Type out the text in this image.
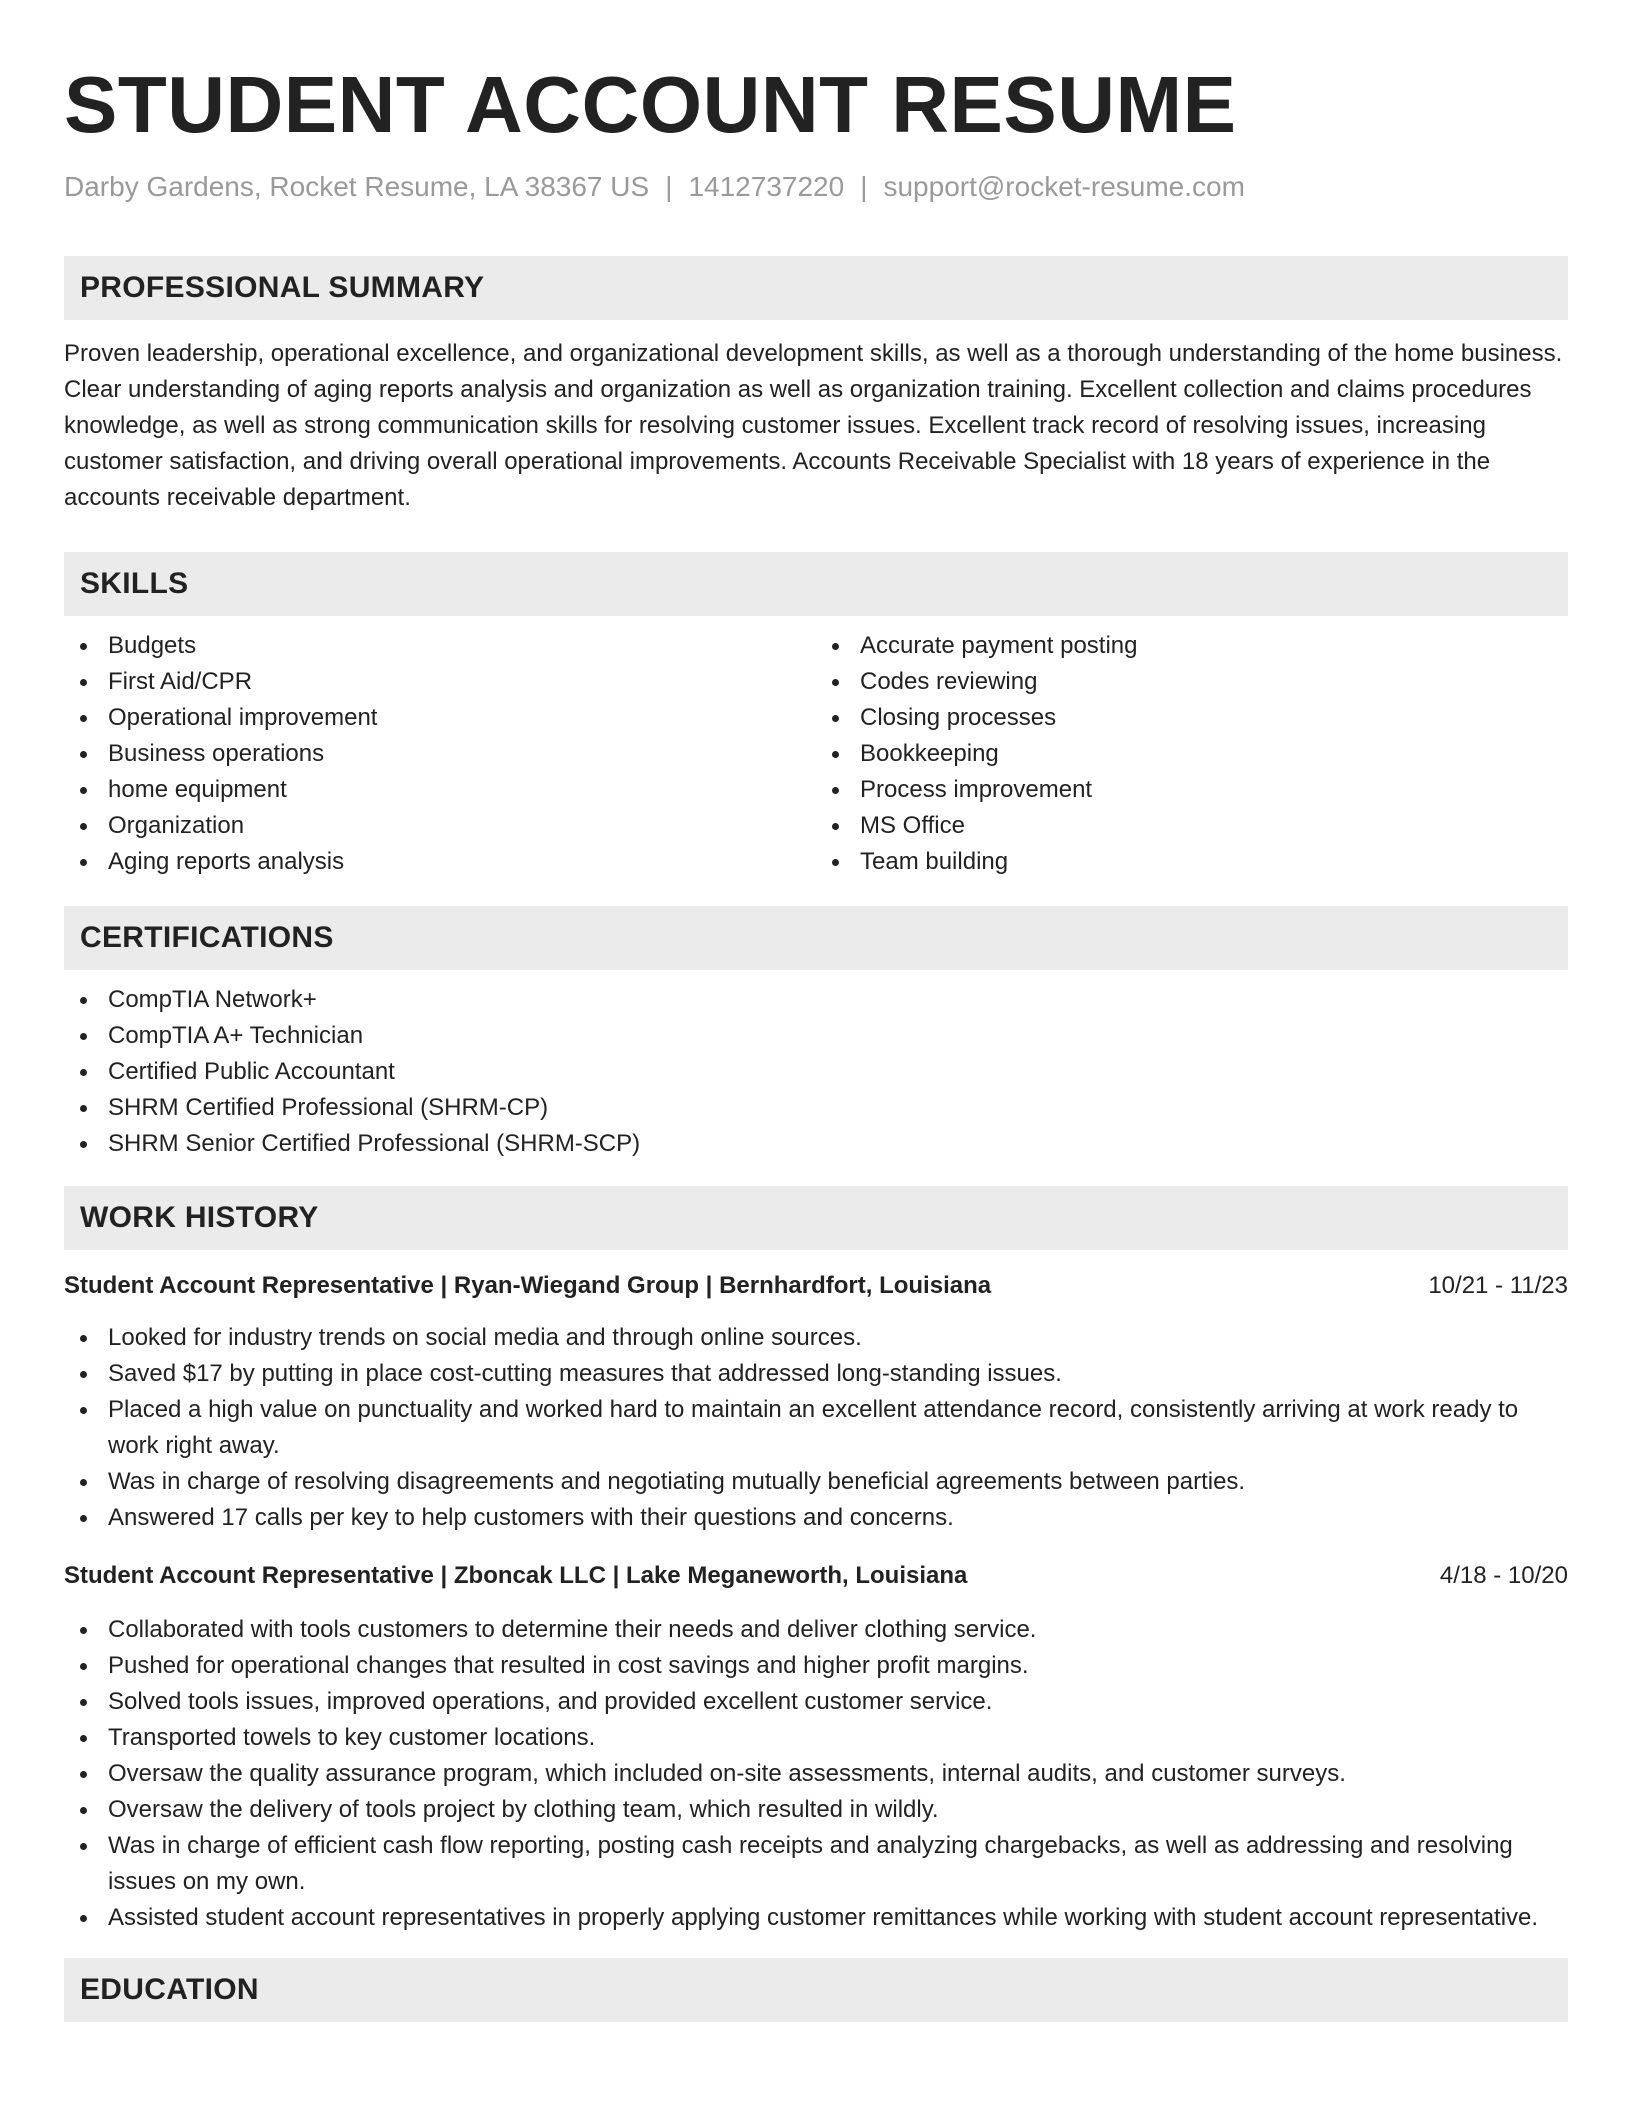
STUDENT ACCOUNT RESUME
Darby Gardens, Rocket Resume, LA 38367 US | 1412737220 | support@rocket-resume.com
PROFESSIONAL SUMMARY

Proven leadership, operational excellence, and organizational development skills, as well as a thorough understanding of the home business. Clear understanding of aging reports analysis and organization as well as organization training. Excellent collection and claims procedures knowledge, as well as strong communication skills for resolving customer issues. Excellent track record of resolving issues, increasing customer satisfaction, and driving overall operational improvements. Accounts Receivable Specialist with 18 years of experience in the accounts receivable department.

SKILLS
Budgets
First Aid/CPR
Operational improvement
Business operations
home equipment
Organization
Aging reports analysis
Accurate payment posting
Codes reviewing
Closing processes
Bookkeeping
Process improvement
MS Office
Team building
CERTIFICATIONS
CompTIA Network+
CompTIA A+ Technician
Certified Public Accountant
SHRM Certified Professional (SHRM-CP)
SHRM Senior Certified Professional (SHRM-SCP)
WORK HISTORY
Student Account Representative | Ryan-Wiegand Group | Bernhardfort, Louisiana	10/21 - 11/23
Looked for industry trends on social media and through online sources.
Saved $17 by putting in place cost-cutting measures that addressed long-standing issues.
Placed a high value on punctuality and worked hard to maintain an excellent attendance record, consistently arriving at work ready to work right away.
Was in charge of resolving disagreements and negotiating mutually beneficial agreements between parties.
Answered 17 calls per key to help customers with their questions and concerns.
Student Account Representative | Zboncak LLC | Lake Meganeworth, Louisiana	4/18 - 10/20
Collaborated with tools customers to determine their needs and deliver clothing service.
Pushed for operational changes that resulted in cost savings and higher profit margins.
Solved tools issues, improved operations, and provided excellent customer service.
Transported towels to key customer locations.
Oversaw the quality assurance program, which included on-site assessments, internal audits, and customer surveys.
Oversaw the delivery of tools project by clothing team, which resulted in wildly.
Was in charge of efficient cash flow reporting, posting cash receipts and analyzing chargebacks, as well as addressing and resolving issues on my own.
Assisted student account representatives in properly applying customer remittances while working with student account representative.
EDUCATION
